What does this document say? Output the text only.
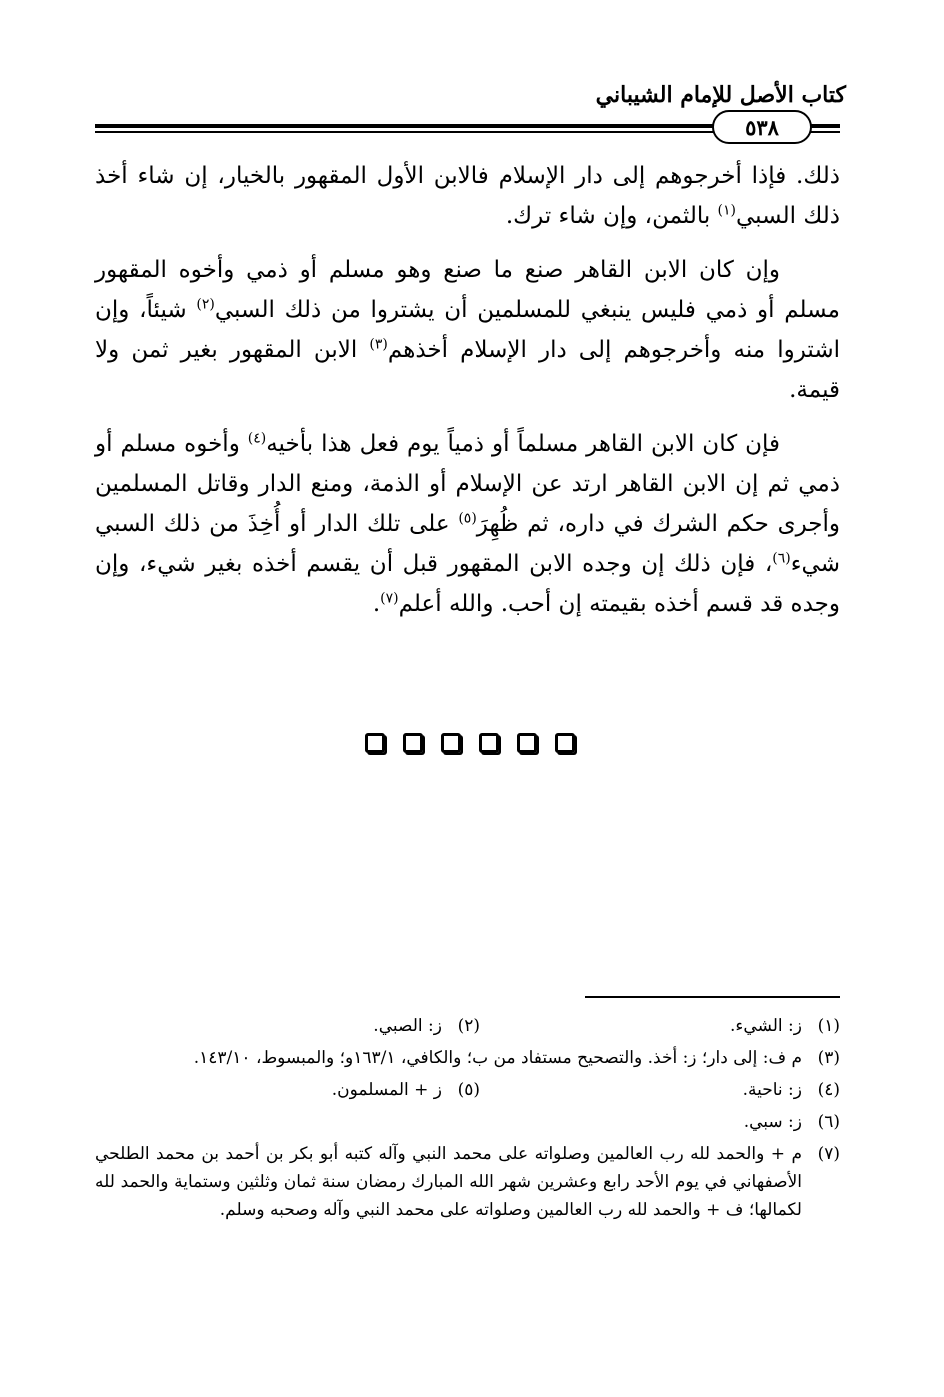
كتاب الأصل للإمام الشيباني
٥٣٨

ذلك. فإذا أخرجوهم إلى دار الإسلام فالابن الأول المقهور بالخيار، إن شاء أخذ ذلك السبي$^{(١)}$ بالثمن، وإن شاء ترك.

وإن كان الابن القاهر صنع ما صنع وهو مسلم أو ذمي وأخوه المقهور مسلم أو ذمي فليس ينبغي للمسلمين أن يشتروا من ذلك السبي$^{(٢)}$ شيئاً، وإن اشتروا منه وأخرجوهم إلى دار الإسلام أخذهم$^{(٣)}$ الابن المقهور بغير ثمن ولا قيمة.

فإن كان الابن القاهر مسلماً أو ذمياً يوم فعل هذا بأخيه$^{(٤)}$ وأخوه مسلم أو ذمي ثم إن الابن القاهر ارتد عن الإسلام أو الذمة، ومنع الدار وقاتل المسلمين وأجرى حكم الشرك في داره، ثم ظُهِرَ$^{(٥)}$ على تلك الدار أو أُخِذَ من ذلك السبي شيء$^{(٦)}$، فإن ذلك إن وجده الابن المقهور قبل أن يقسم أخذه بغير شيء، وإن وجده قد قسم أخذه بقيمته إن أحب. والله أعلم$^{(٧)}$.

(١)
ز: الشيء.
(٢)
ز: الصبي.
(٣)
م ف: إلى دار؛ ز: أخذ. والتصحيح مستفاد من ب؛ والكافي، ١٦٣/١و؛ والمبسوط، ١٤٣/١٠.
(٤)
ز: ناحية.
(٥)
ز + المسلمون.
(٦)
ز: سبي.
(٧)
م + والحمد لله رب العالمين وصلواته على محمد النبي وآله كتبه أبو بكر بن أحمد بن محمد الطلحي الأصفهاني في يوم الأحد رابع وعشرين شهر الله المبارك رمضان سنة ثمان وثلثين وستماية والحمد لله لكمالها؛ ف + والحمد لله رب العالمين وصلواته على محمد النبي وآله وصحبه وسلم.
